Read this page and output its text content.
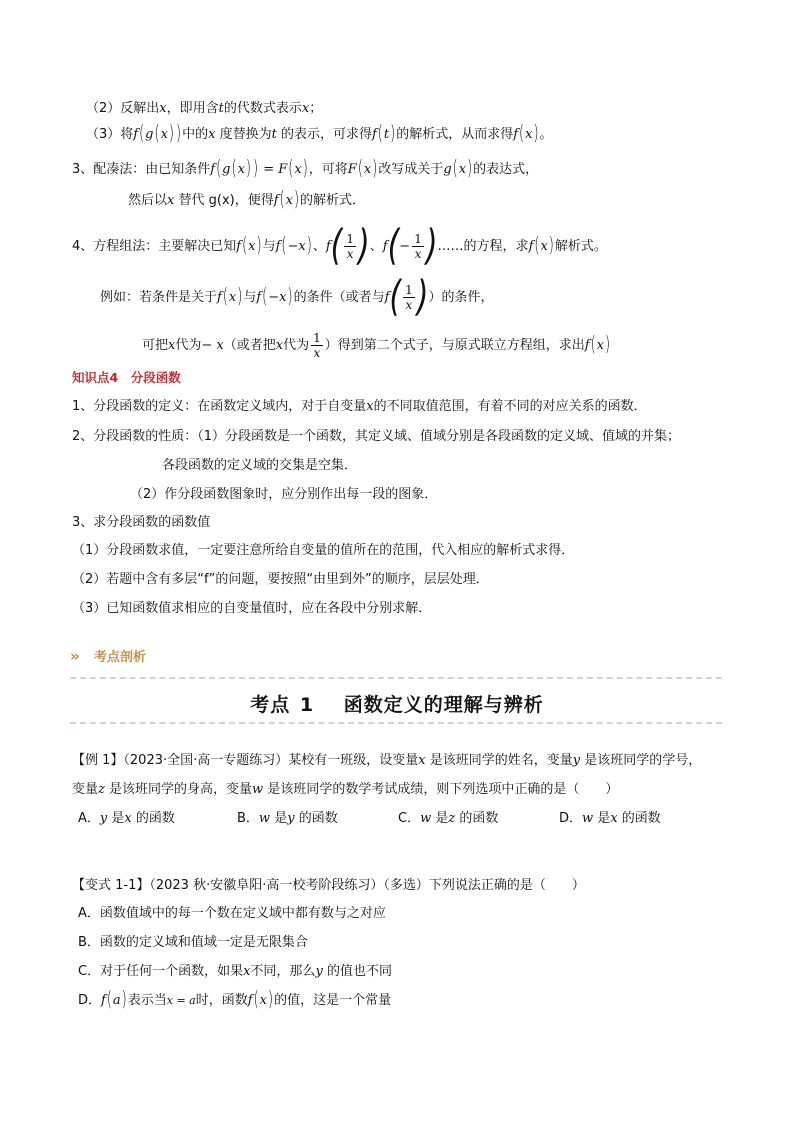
（2）反解出x，即用含t的代数式表示x；
（3）将f(g(x) )中的x 度替换为t 的表示，可求得f(t)的解析式，从而求得f(x)。
3、配凑法：由已知条件f(g(x) ) = F(x)，可将F(x)改写成关于g(x)的表达式，
然后以x 替代 g(x)，便得f(x)的解析式．
4、方程组法：主要解决已知f(x)与f(−x)、$f( \frac{1}{x}$ )、$f(- \frac{1}{x}$ )……的方程，求f(x)解析式。
例如：若条件是关于f(x)与f(−x)的条件（或者与$f( \frac{1}{x}$ )）的条件，
可把x代为− x（或者把x代为 $\frac{1}{x}$ ）得到第二个式子，与原式联立方程组，求出f(x)
知识点4　分段函数
1、分段函数的定义：在函数定义域内，对于自变量x的不同取值范围，有着不同的对应关系的函数．
2、分段函数的性质：（1）分段函数是一个函数，其定义域、值域分别是各段函数的定义域、值域的并集；
各段函数的定义域的交集是空集．
（2）作分段函数图象时，应分别作出每一段的图象．
3、求分段函数的函数值
（1）分段函数求值，一定要注意所给自变量的值所在的范围，代入相应的解析式求得．
（2）若题中含有多层“f”的问题，要按照“由里到外”的顺序，层层处理．
（3）已知函数值求相应的自变量值时，应在各段中分别求解．
» 考点剖析
考点 1 函数定义的理解与辨析
【例 1】（2023·全国·高一专题练习）某校有一班级，设变量x 是该班同学的姓名，变量y 是该班同学的学号，
变量z 是该班同学的身高，变量w 是该班同学的数学考试成绩，则下列选项中正确的是（　　）
A．y 是x 的函数	B．w 是y 的函数	C．w 是z 的函数	D．w 是x 的函数
【变式 1-1】（2023 秋·安徽阜阳·高一校考阶段练习）（多选）下列说法正确的是（　　）
A．函数值域中的每一个数在定义域中都有数与之对应
B．函数的定义域和值域一定是无限集合
C．对于任何一个函数，如果x不同，那么y 的值也不同
D．f(a)表示当x = a时，函数f(x)的值，这是一个常量
